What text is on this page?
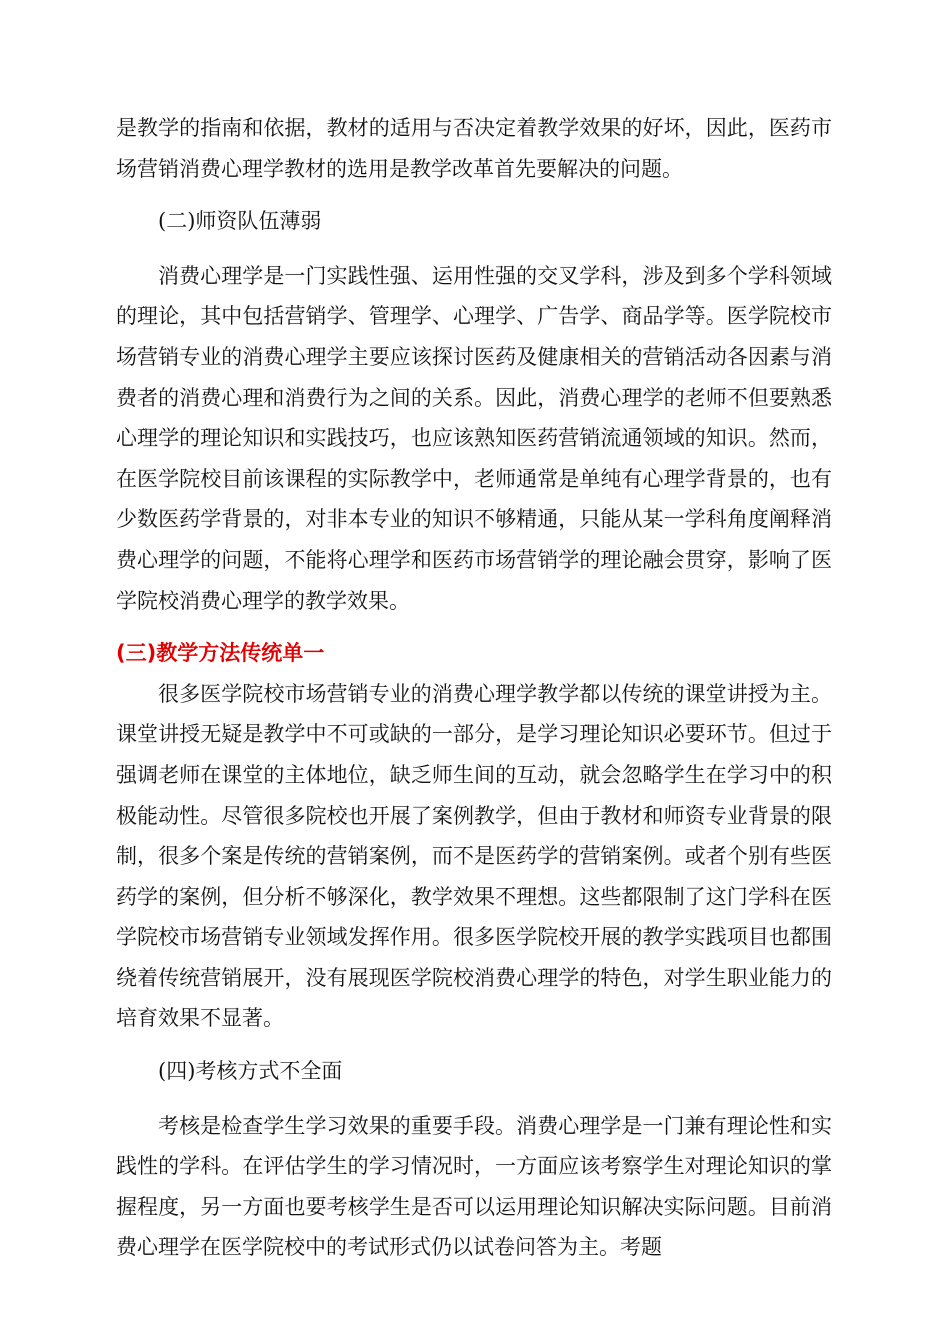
是教学的指南和依据，教材的适用与否决定着教学效果的好坏，因此，医药市场营销消费心理学教材的选用是教学改革首先要解决的问题。

(二)师资队伍薄弱

消费心理学是一门实践性强、运用性强的交叉学科，涉及到多个学科领域的理论，其中包括营销学、管理学、心理学、广告学、商品学等。医学院校市场营销专业的消费心理学主要应该探讨医药及健康相关的营销活动各因素与消费者的消费心理和消费行为之间的关系。因此，消费心理学的老师不但要熟悉心理学的理论知识和实践技巧，也应该熟知医药营销流通领域的知识。然而，在医学院校目前该课程的实际教学中，老师通常是单纯有心理学背景的，也有少数医药学背景的，对非本专业的知识不够精通，只能从某一学科角度阐释消费心理学的问题，不能将心理学和医药市场营销学的理论融会贯穿，影响了医学院校消费心理学的教学效果。

(三)教学方法传统单一

很多医学院校市场营销专业的消费心理学教学都以传统的课堂讲授为主。课堂讲授无疑是教学中不可或缺的一部分，是学习理论知识必要环节。但过于强调老师在课堂的主体地位，缺乏师生间的互动，就会忽略学生在学习中的积极能动性。尽管很多院校也开展了案例教学，但由于教材和师资专业背景的限制，很多个案是传统的营销案例，而不是医药学的营销案例。或者个别有些医药学的案例，但分析不够深化，教学效果不理想。这些都限制了这门学科在医学院校市场营销专业领域发挥作用。很多医学院校开展的教学实践项目也都围绕着传统营销展开，没有展现医学院校消费心理学的特色，对学生职业能力的培育效果不显著。

(四)考核方式不全面

考核是检查学生学习效果的重要手段。消费心理学是一门兼有理论性和实践性的学科。在评估学生的学习情况时，一方面应该考察学生对理论知识的掌握程度，另一方面也要考核学生是否可以运用理论知识解决实际问题。目前消费心理学在医学院校中的考试形式仍以试卷问答为主。考题
